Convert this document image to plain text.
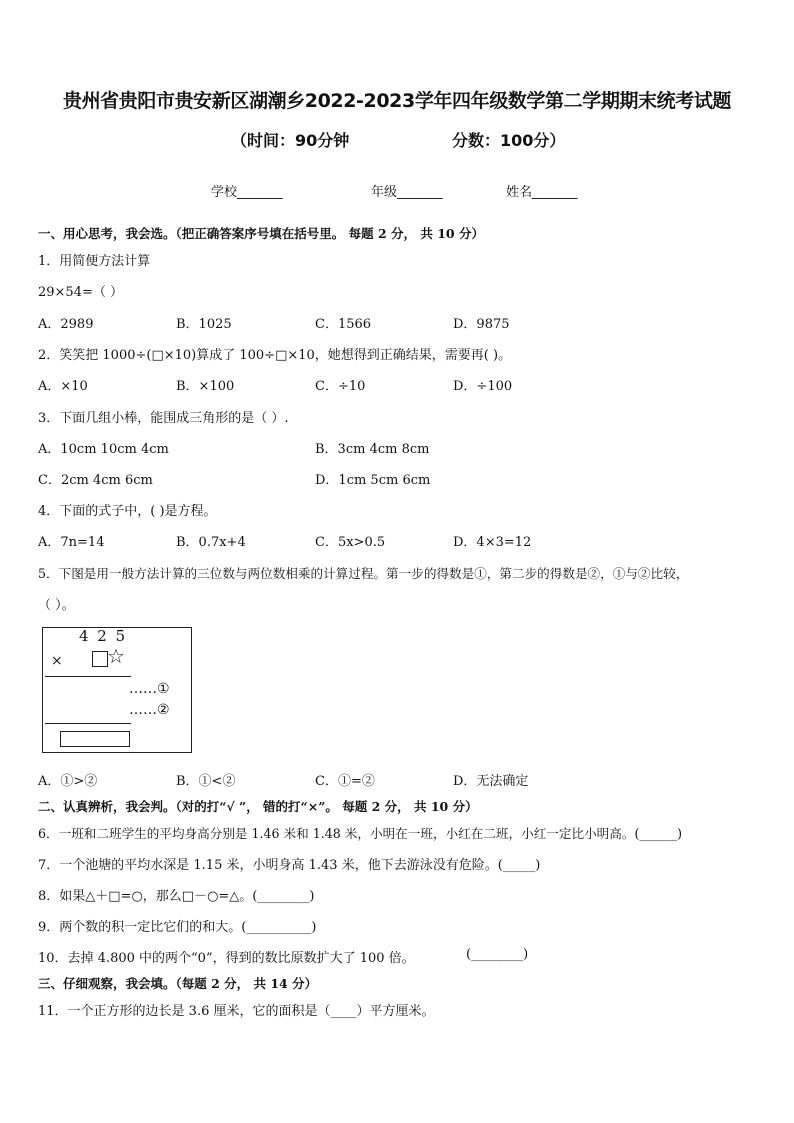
贵州省贵阳市贵安新区湖潮乡2022-2023学年四年级数学第二学期期末统考试题
（时间：90分钟	分数：100分）
学校_______	年级_______	姓名_______
一、用心思考，我会选。（把正确答案序号填在括号里。 每题 2 分， 共 10 分）
1．用简便方法计算
29×54=（ ）
A．2989	B．1025	C．1566	D．9875
2．笑笑把 1000÷(□×10)算成了 100÷□×10，她想得到正确结果，需要再( )。
A．×10	B．×100	C．÷10	D．÷100
3．下面几组小棒，能围成三角形的是（ ）.
A．10cm 10cm 4cm	B．3cm 4cm 8cm
C．2cm 4cm 6cm	D．1cm 5cm 6cm
4．下面的式子中，( )是方程。
A．7n=14	B．0.7x+4	C．5x>0.5	D．4×3=12
5．下图是用一般方法计算的三位数与两位数相乘的计算过程。第一步的得数是①，第二步的得数是②，①与②比较，
（ ）。
4 2 5
× ☆
……①
……②
A．①>②	B．①<②	C．①=②	D．无法确定
二、认真辨析，我会判。（对的打“√ ”， 错的打“×”。 每题 2 分， 共 10 分）
6．一班和二班学生的平均身高分别是 1.46 米和 1.48 米，小明在一班，小红在二班，小红一定比小明高。(______)
7．一个池塘的平均水深是 1.15 米，小明身高 1.43 米，他下去游泳没有危险。(_____)
8．如果△＋□=○，那么□－○=△。(________)
9．两个数的积一定比它们的和大。(__________)
10．去掉 4.800 中的两个“0”，得到的数比原数扩大了 100 倍。	(________)
三、仔细观察，我会填。（每题 2 分， 共 14 分）
11．一个正方形的边长是 3.6 厘米，它的面积是（____）平方厘米。
